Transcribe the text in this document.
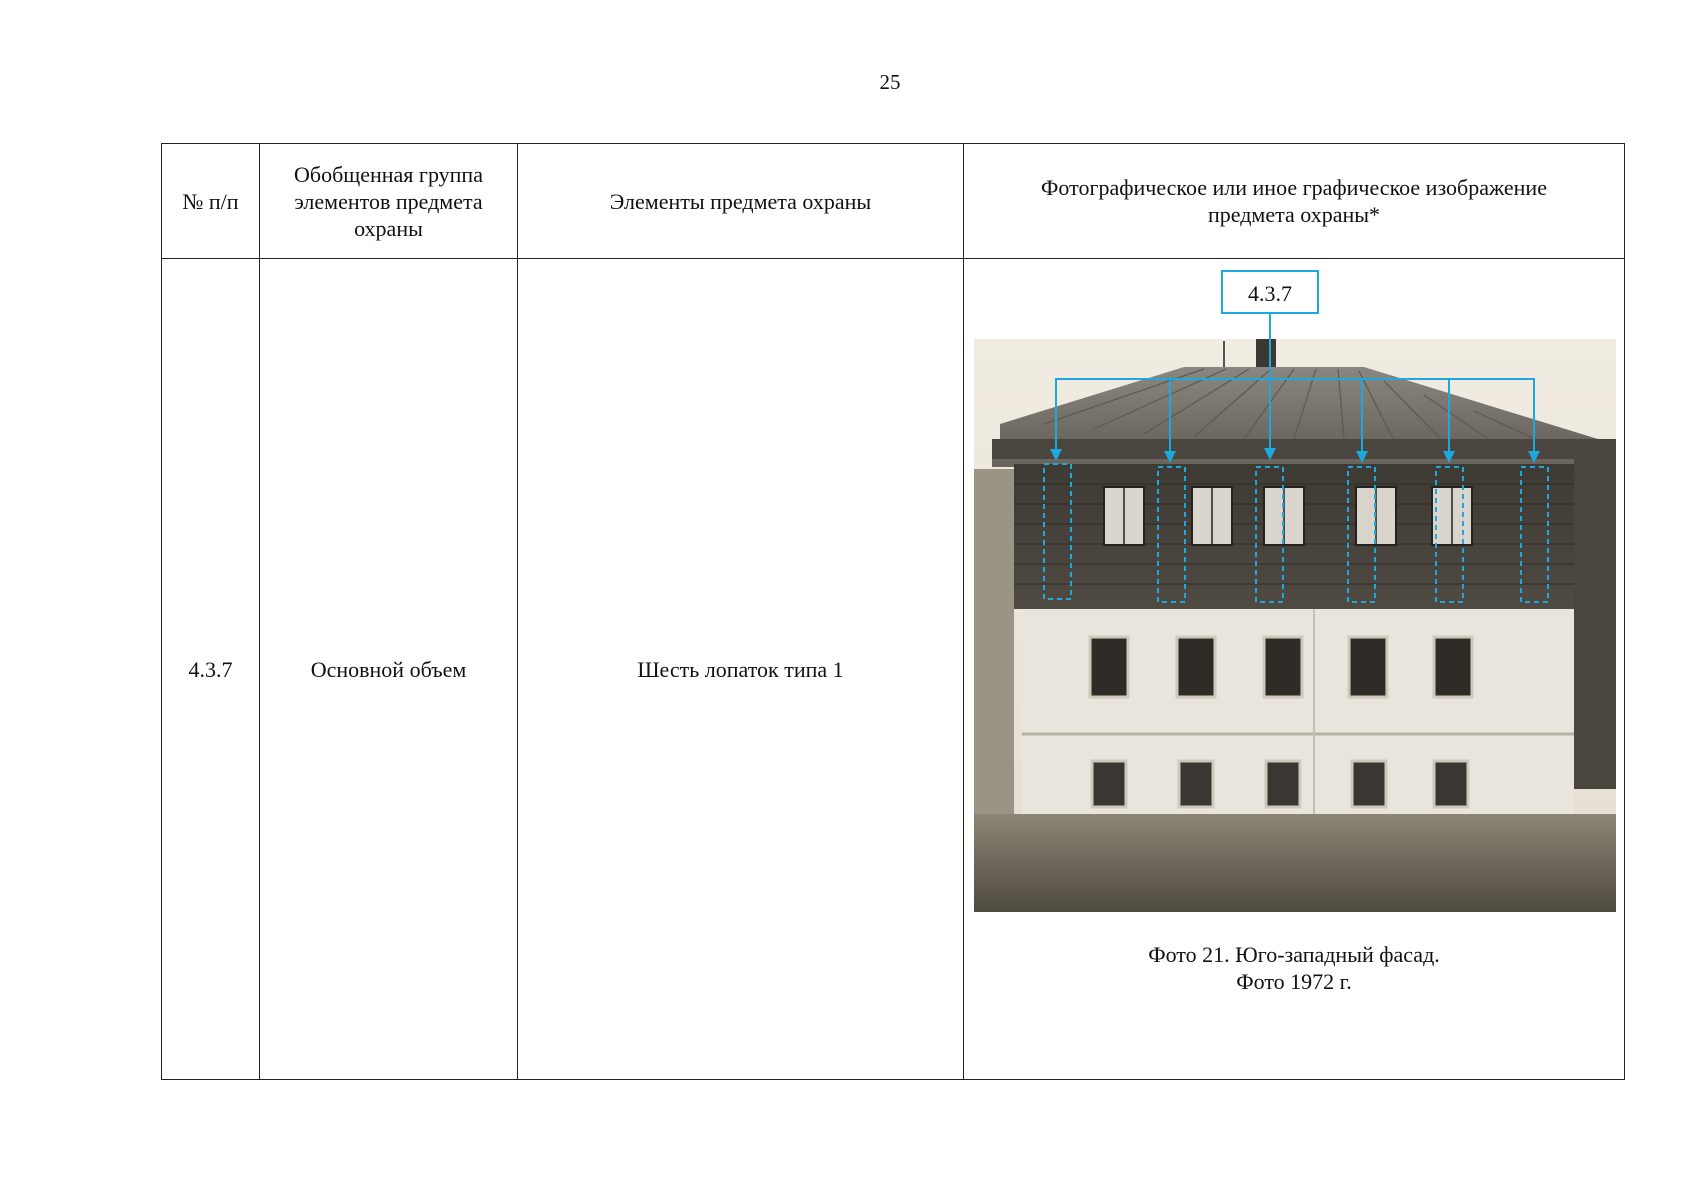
25
№ п/п	Обобщенная группа элементов предмета охраны	Элементы предмета охраны	Фотографическое или иное графическое изображение предмета охраны*
4.3.7	Основной объем	Шесть лопаток типа 1	4.3.7
Фото 21. Юго-западный фасад.
Фото 1972 г.
